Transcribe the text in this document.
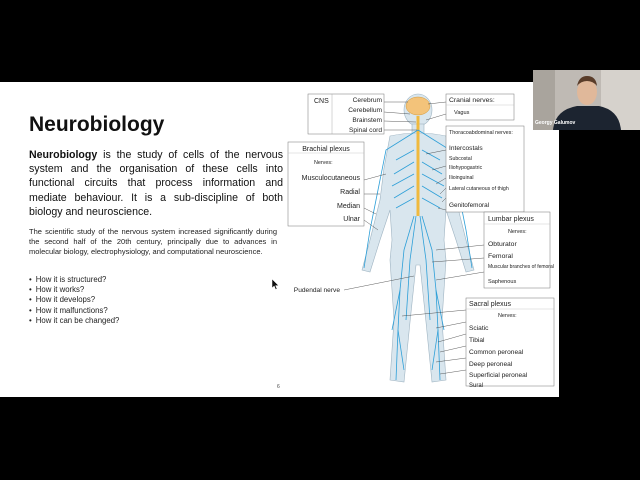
Neurobiology

Neurobiology is the study of cells of the nervous system and the organisation of these cells into functional circuits that process information and mediate behaviour. It is a sub-discipline of both biology and neuroscience.

The scientific study of the nervous system increased significantly during the second half of the 20th century, principally due to advances in molecular biology, electrophysiology, and computational neuroscience.

• How it is structured?
• How it works?
• How it develops?
• How it malfunctions?
• How it can be changed?
6
CNS	Cerebrum
Cerebellum
Brainstem
Spinal cord
Cranial nerves:
Vagus
Thoracoabdominal nerves:
Intercostals
Subcostal
Iliohypogastric
Ilioinguinal
Lateral cutaneous of thigh
Genitofemoral
Brachial plexus
Nerves:
Musculocutaneous
Radial
Median
Ulnar	Lumbar plexus
Nerves:
Obturator
Femoral
Muscular branches of femoral
Saphenous
Pudendal nerve
Sacral plexus
Nerves:
Sciatic
Tibial
Common peroneal
Deep peroneal
Superficial peroneal
Sural
Georgy Galumov
